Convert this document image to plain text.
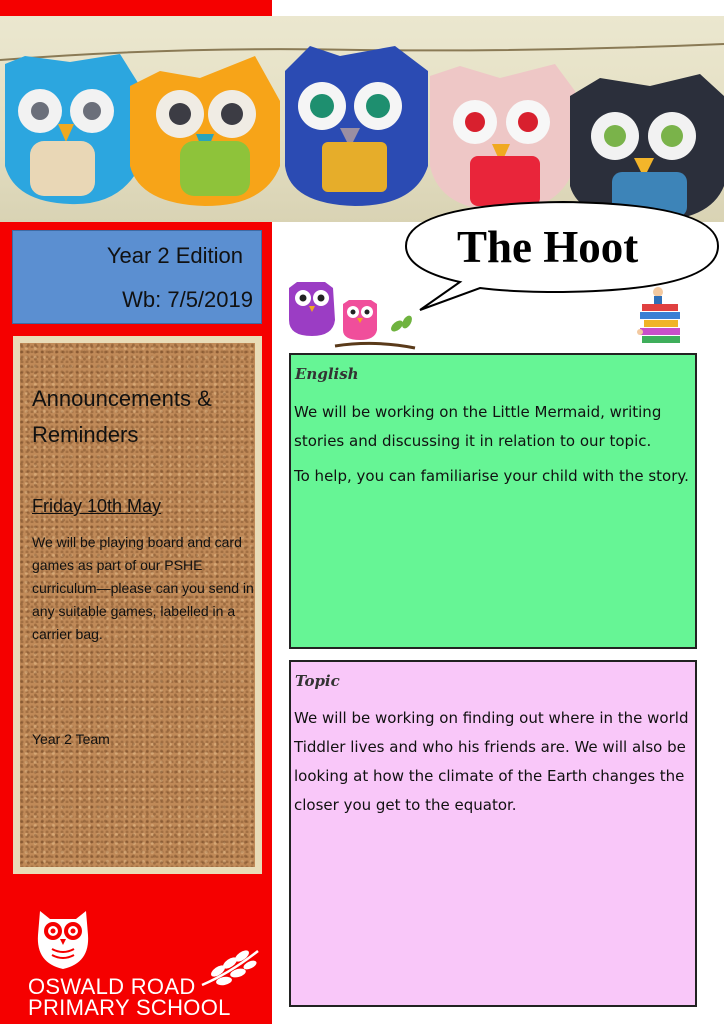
Year 2 Edition
Wb: 7/5/2019
Announcements & Reminders
Friday 10th May
We will be playing board and card games as part of our PSHE curriculum—please can you send in any suitable games, labelled in a carrier bag.
Year 2 Team
OSWALD ROAD
PRIMARY SCHOOL
The Hoot
English
We will be working on the Little Mermaid, writing stories and discussing it in relation to our topic.
To help, you can familiarise your child with the story.
Topic
We will be working on finding out where in the world Tiddler lives and who his friends are. We will also be looking at how the climate of the Earth changes the closer you get to the equator.
